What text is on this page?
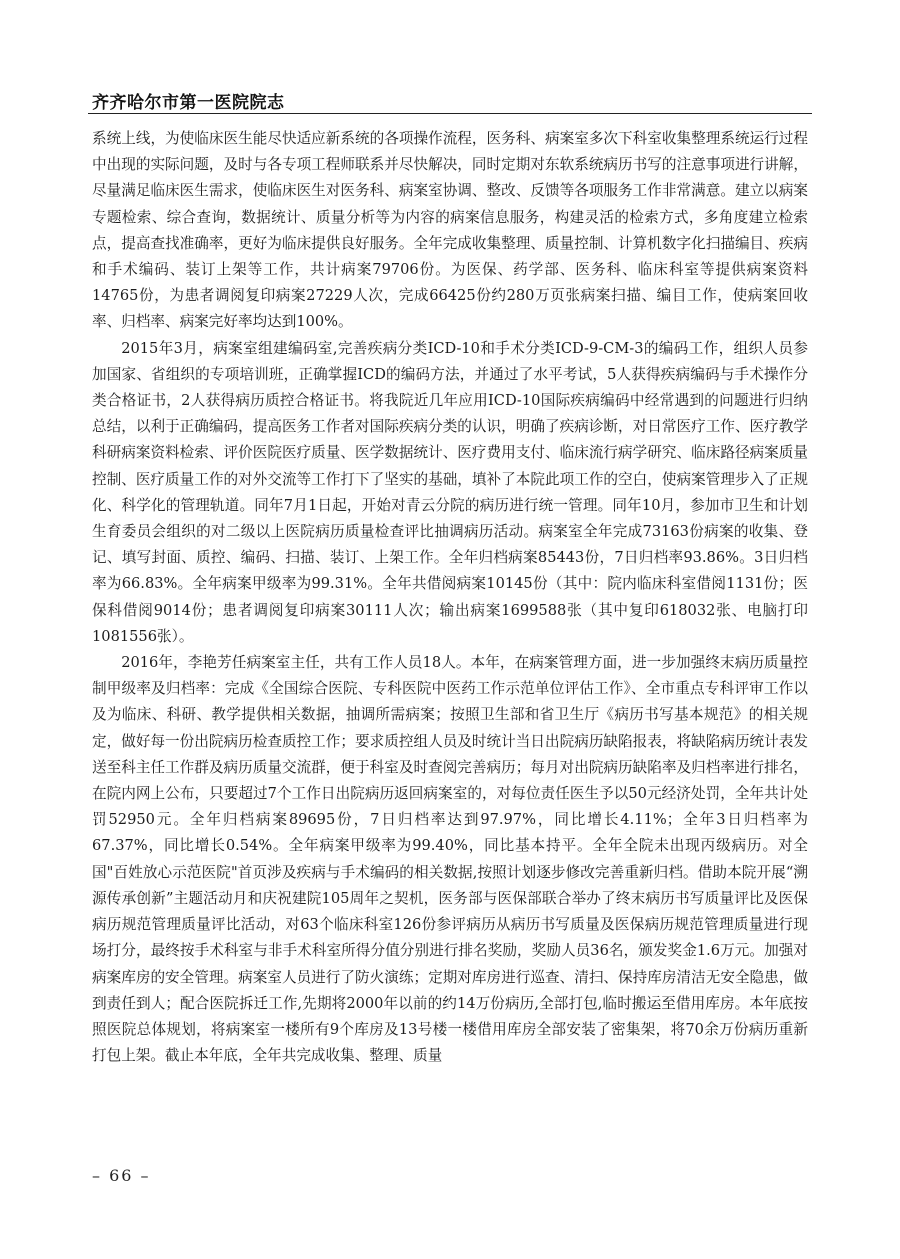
齐齐哈尔市第一医院院志

系统上线，为使临床医生能尽快适应新系统的各项操作流程，医务科、病案室多次下科室收集整理系统运行过程中出现的实际问题，及时与各专项工程师联系并尽快解决，同时定期对东软系统病历书写的注意事项进行讲解，尽量满足临床医生需求，使临床医生对医务科、病案室协调、整改、反馈等各项服务工作非常满意。建立以病案专题检索、综合查询，数据统计、质量分析等为内容的病案信息服务，构建灵活的检索方式，多角度建立检索点，提高查找准确率，更好为临床提供良好服务。全年完成收集整理、质量控制、计算机数字化扫描编目、疾病和手术编码、装订上架等工作，共计病案79706份。为医保、药学部、医务科、临床科室等提供病案资料14765份，为患者调阅复印病案27229人次，完成66425份约280万页张病案扫描、编目工作，使病案回收率、归档率、病案完好率均达到100%。

2015年3月，病案室组建编码室,完善疾病分类ICD-10和手术分类ICD-9-CM-3的编码工作，组织人员参加国家、省组织的专项培训班，正确掌握ICD的编码方法，并通过了水平考试，5人获得疾病编码与手术操作分类合格证书，2人获得病历质控合格证书。将我院近几年应用ICD-10国际疾病编码中经常遇到的问题进行归纳总结，以利于正确编码，提高医务工作者对国际疾病分类的认识，明确了疾病诊断，对日常医疗工作、医疗教学科研病案资料检索、评价医院医疗质量、医学数据统计、医疗费用支付、临床流行病学研究、临床路径病案质量控制、医疗质量工作的对外交流等工作打下了坚实的基础，填补了本院此项工作的空白，使病案管理步入了正规化、科学化的管理轨道。同年7月1日起，开始对青云分院的病历进行统一管理。同年10月，参加市卫生和计划生育委员会组织的对二级以上医院病历质量检查评比抽调病历活动。病案室全年完成73163份病案的收集、登记、填写封面、质控、编码、扫描、装订、上架工作。全年归档病案85443份，7日归档率93.86%。3日归档率为66.83%。全年病案甲级率为99.31%。全年共借阅病案10145份（其中：院内临床科室借阅1131份；医保科借阅9014份；患者调阅复印病案30111人次；输出病案1699588张（其中复印618032张、电脑打印1081556张）。

2016年，李艳芳任病案室主任，共有工作人员18人。本年，在病案管理方面，进一步加强终末病历质量控制甲级率及归档率：完成《全国综合医院、专科医院中医药工作示范单位评估工作》、全市重点专科评审工作以及为临床、科研、教学提供相关数据，抽调所需病案；按照卫生部和省卫生厅《病历书写基本规范》的相关规定，做好每一份出院病历检查质控工作；要求质控组人员及时统计当日出院病历缺陷报表，将缺陷病历统计表发送至科主任工作群及病历质量交流群，便于科室及时查阅完善病历；每月对出院病历缺陷率及归档率进行排名，在院内网上公布，只要超过7个工作日出院病历返回病案室的，对每位责任医生予以50元经济处罚，全年共计处罚52950元。全年归档病案89695份，7日归档率达到97.97%，同比增长4.11%；全年3日归档率为67.37%，同比增长0.54%。全年病案甲级率为99.40%，同比基本持平。全年全院未出现丙级病历。对全国"百姓放心示范医院"首页涉及疾病与手术编码的相关数据,按照计划逐步修改完善重新归档。借助本院开展“溯源传承创新”主题活动月和庆祝建院105周年之契机，医务部与医保部联合举办了终末病历书写质量评比及医保病历规范管理质量评比活动，对63个临床科室126份参评病历从病历书写质量及医保病历规范管理质量进行现场打分，最终按手术科室与非手术科室所得分值分别进行排名奖励，奖励人员36名，颁发奖金1.6万元。加强对病案库房的安全管理。病案室人员进行了防火演练；定期对库房进行巡查、清扫、保持库房清洁无安全隐患，做到责任到人；配合医院拆迁工作,先期将2000年以前的约14万份病历,全部打包,临时搬运至借用库房。本年底按照医院总体规划，将病案室一楼所有9个库房及13号楼一楼借用库房全部安装了密集架，将70余万份病历重新打包上架。截止本年底，全年共完成收集、整理、质量

– 66 –
